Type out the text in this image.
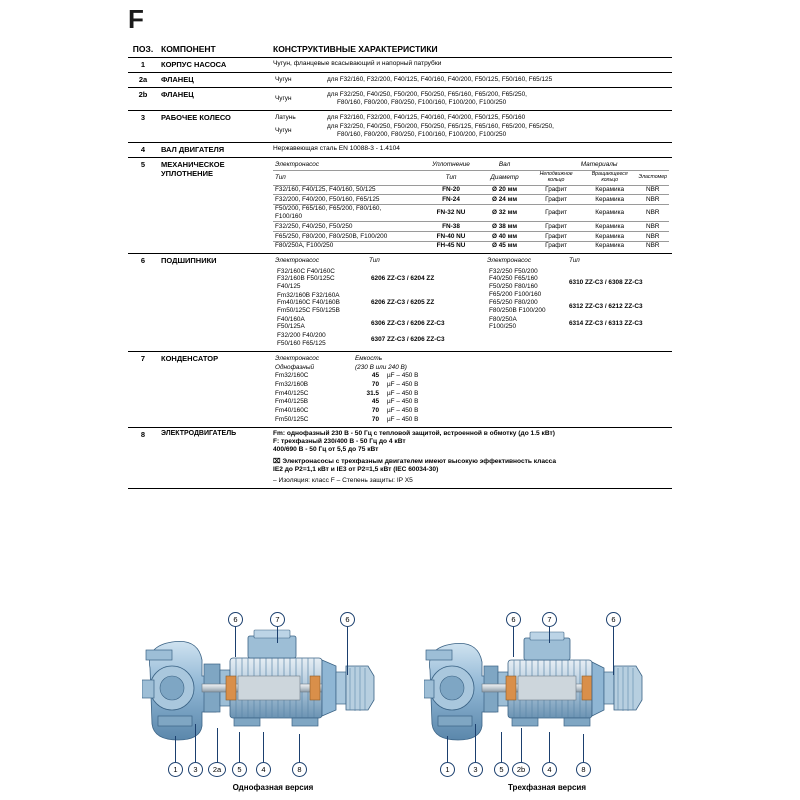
F
ПОЗ.	КОМПОНЕНТ	КОНСТРУКТИВНЫЕ ХАРАКТЕРИСТИКИ
1	КОРПУС НАСОСА	Чугун, фланцевые всасывающий и напорный патрубки

2a	ФЛАНЕЦ		Чугун	для F32/160, F32/200, F40/125, F40/160, F40/200, F50/125, F50/160, F65/125

2b	ФЛАНЕЦ		Чугун	для F32/250, F40/250, F50/200, F50/250, F65/160, F65/200, F65/250,
F80/160, F80/200, F80/250, F100/160, F100/200, F100/250

3	РАБОЧЕЕ КОЛЕСО		Латунь	для F32/160, F32/200, F40/125, F40/160, F40/200, F50/125, F50/160
Чугун	для F32/250, F40/250, F50/200, F50/250, F65/125, F65/160, F65/200, F65/250,
F80/160, F80/200, F80/250, F100/160, F100/200, F100/250

4	ВАЛ ДВИГАТЕЛЯ	Нержавеющая сталь EN 10088-3 - 1.4104

5	МЕХАНИЧЕСКОЕ УПЛОТНЕНИЕ	
Электронасос	Уплотнение	Вал	Материалы
Тип	Тип	Диаметр	Неподвижное кольцо	Вращающееся кольцо	Эластомер
F32/160, F40/125, F40/160, 50/125	FN-20	Ø 20 мм	Графит	Керамика	NBR
F32/200, F40/200, F50/160, F65/125	FN-24	Ø 24 мм	Графит	Керамика	NBR

F50/200, F65/160, F65/200, F80/160,
F100/160
	FN-32 NU	Ø 32 мм	Графит	Керамика	NBR
F32/250, F40/250, F50/250	FN-38	Ø 38 мм	Графит	Керамика	NBR
F65/250, F80/200, F80/250B, F100/200	FN-40 NU	Ø 40 мм	Графит	Керамика	NBR
F80/250A, F100/250	FH-45 NU	Ø 45 мм	Графит	Керамика	NBR

6	ПОДШИПНИКИ		Электронасос	Тип	Электронасос	Тип

F32/160C F40/160C
F32/160B F50/125C
F40/125
	6206 ZZ-C3 / 6204 ZZ

Fm32/160B F32/160A
Fm40/160C F40/160B
Fm50/125C F50/125B
	6206 ZZ-C3 / 6205 ZZ

F40/160A
F50/125A
	6306 ZZ-C3 / 6206 ZZ-C3

F32/200 F40/200
F50/160 F65/125
	6307 ZZ-C3 / 6206 ZZ-C3

F32/250 F50/200
F40/250 F65/160
F50/250 F80/160
F65/200 F100/160
	6310 ZZ-C3 / 6308 ZZ-C3

F65/250 F80/200
F80/250B F100/200
	6312 ZZ-C3 / 6212 ZZ-C3

F80/250A
F100/250
	6314 ZZ-C3 / 6313 ZZ-C3

7	КОНДЕНСАТОР		Электронасос	Емкость
Однофазный	(230 В или 240 В)
Fm32/160C	45	µF – 450 В
Fm32/160B	70	µF – 450 В
Fm40/125C	31.5	µF – 450 В
Fm40/125B	45	µF – 450 В
Fm40/160C	70	µF – 450 В
Fm50/125C	70	µF – 450 В

8	ЭЛЕКТРОДВИГАТЕЛЬ	Fm: однофазный 230 В - 50 Гц с тепловой защитой, встроенной в обмотку (до 1.5 кВт)
F: трехфазный 230/400 В - 50 Гц до 4 кВт
400/690 В - 50 Гц от 5,5 до 75 кВт
⌧ Электронасосы с трехфазным двигателем имеют высокую эффективность класса
IE2 до P2=1,1 кВт и IE3 от P2=1,5 кВт (IEC 60034-30)
– Изоляция: класс F – Степень защиты: IP X5
6	7	6
1	3	2a	5	4	8
6	7	6
1	3	5	2b	4	8
Однофазная версия	Трехфазная версия
